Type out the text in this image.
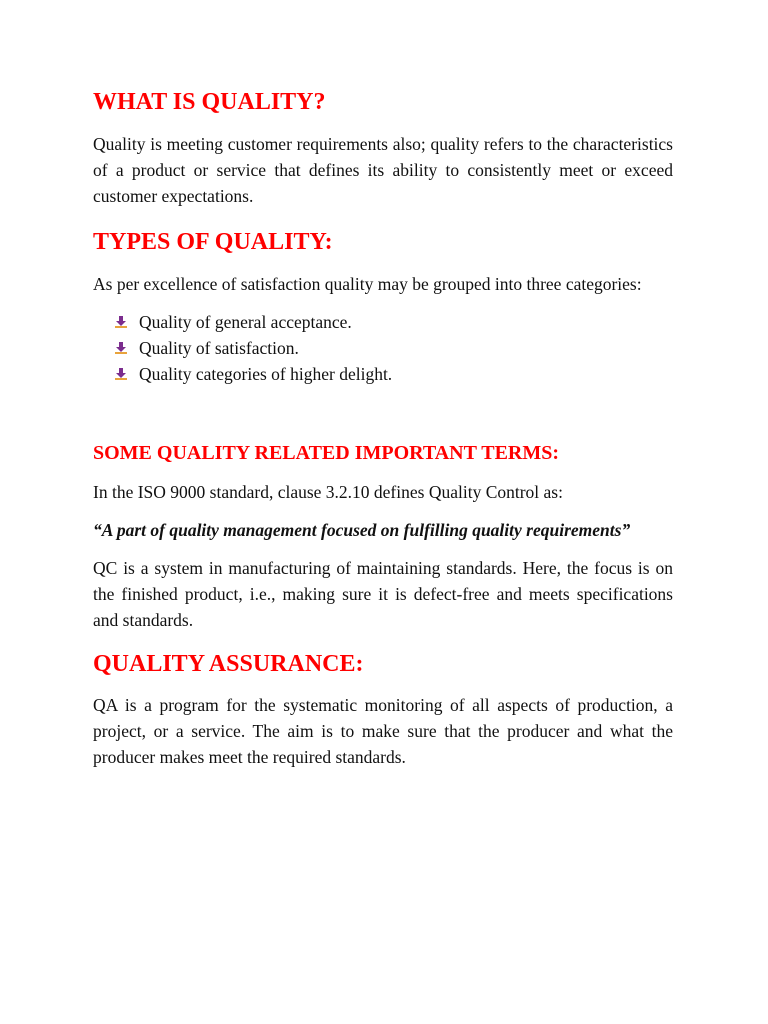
WHAT IS QUALITY?

Quality is meeting customer requirements also; quality refers to the characteristics of a product or service that defines its ability to consistently meet or exceed customer expectations.

TYPES OF QUALITY:

As per excellence of satisfaction quality may be grouped into three categories:

Quality of general acceptance.
Quality of satisfaction.
Quality categories of higher delight.
SOME QUALITY RELATED IMPORTANT TERMS:

In the ISO 9000 standard, clause 3.2.10 defines Quality Control as:

“A part of quality management focused on fulfilling quality requirements”

QC is a system in manufacturing of maintaining standards. Here, the focus is on the finished product, i.e., making sure it is defect-free and meets specifications and standards.

QUALITY ASSURANCE:

QA is a program for the systematic monitoring of all aspects of production, a project, or a service. The aim is to make sure that the producer and what the producer makes meet the required standards.
